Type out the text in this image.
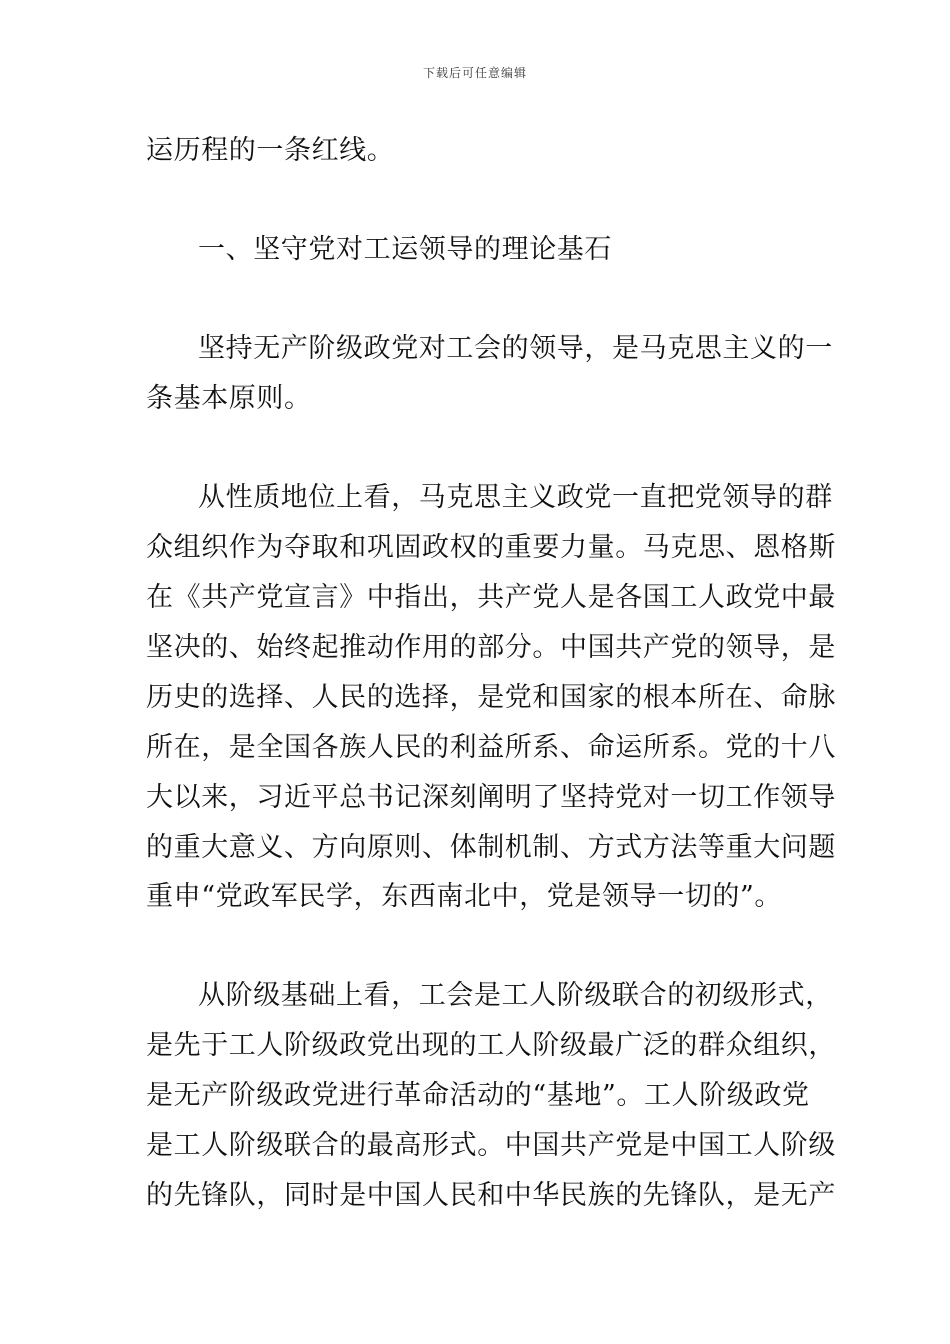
下载后可任意编辑

运历程的一条红线。

一、坚守党对工运领导的理论基石

坚持无产阶级政党对工会的领导，是马克思主义的一

条基本原则。

从性质地位上看，马克思主义政党一直把党领导的群

众组织作为夺取和巩固政权的重要力量。马克思、恩格斯

在《共产党宣言》中指出，共产党人是各国工人政党中最

坚决的、始终起推动作用的部分。中国共产党的领导，是

历史的选择、人民的选择，是党和国家的根本所在、命脉

所在，是全国各族人民的利益所系、命运所系。党的十八

大以来，习近平总书记深刻阐明了坚持党对一切工作领导

的重大意义、方向原则、体制机制、方式方法等重大问题

重申“党政军民学，东西南北中，党是领导一切的”。

从阶级基础上看，工会是工人阶级联合的初级形式，

是先于工人阶级政党出现的工人阶级最广泛的群众组织，

是无产阶级政党进行革命活动的“基地”。工人阶级政党

是工人阶级联合的最高形式。中国共产党是中国工人阶级

的先锋队，同时是中国人民和中华民族的先锋队，是无产
